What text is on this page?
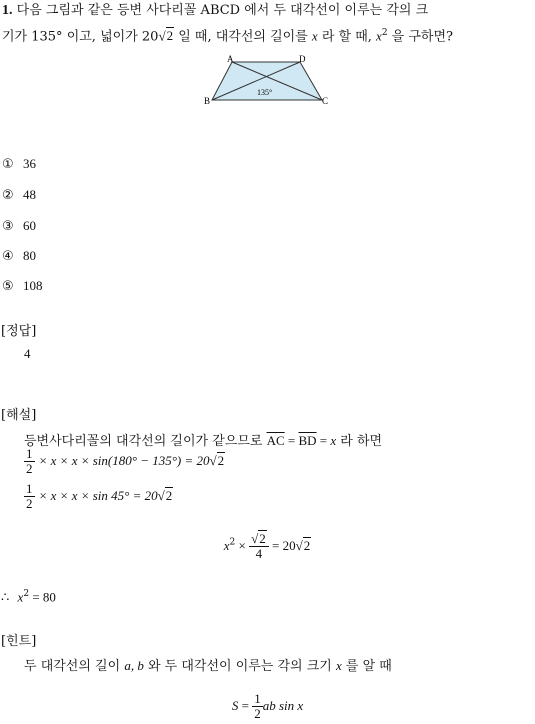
1. 다음 그림과 같은 등변 사다리꼴 ABCD 에서 두 대각선이 이루는 각의 크
기가 135° 이고, 넓이가 20√2 일 때, 대각선의 길이를 x 라 할 때, $x^2$ 을 구하면?
A	D
B	C
135°
① 36
② 48
③ 60
④ 80
⑤ 108
[정답]
4
[해설]
등변사다리꼴의 대각선의 길이가 같으므로 $\overline{AC} = \overline{BD} = x$ 라 하면
$\frac{1}{2} \times x \times x \times \sin(180^\circ - 135^\circ) = 20√2$
$\frac{1}{2} \times x \times x \times \sin 45^\circ = 20√2$
$x^2 \times \frac{√2}{4} = 20√2$
∴ $x^2 = 80$
[힌트]
두 대각선의 길이 a, b 와 두 대각선이 이루는 각의 크기 x 를 알 때
$S = \frac{1}{2}$ ab sin x
